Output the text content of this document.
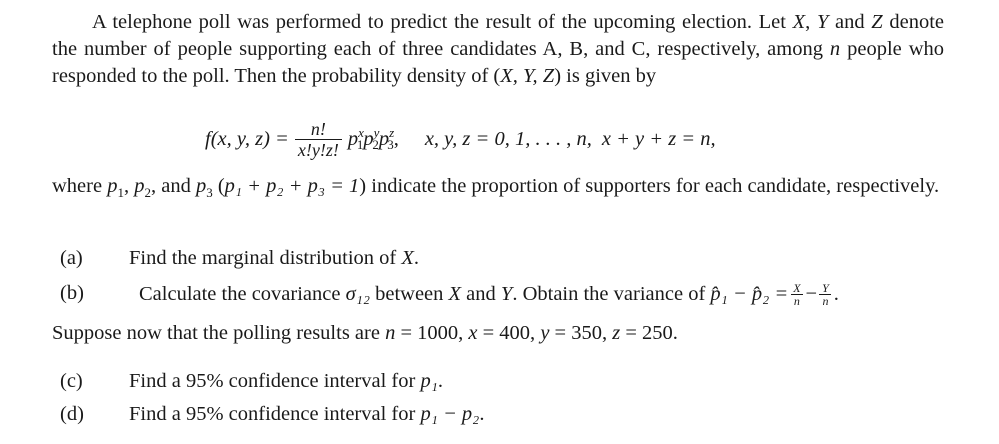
A telephone poll was performed to predict the result of the upcoming election. Let X, Y and Z denote the number of people supporting each of three candidates A, B, and C, respectively, among n people who responded to the poll. Then the probability density of (X, Y, Z) is given by

f(x, y, $z) = \frac{n!}{x!y!z!} p^x_1p^y_2p^z_3$, x, y, z = 0, 1, . . . , n, x + y + z = n,

where $p_1$, $p_2$, and $p_3$ (p₁ + p₂ + p₃ = 1) indicate the proportion of supporters for each candidate, respectively.

(a) Find the marginal distribution of X.
(b)	Calculate the covariance σ₁₂ between X and Y . Obtain the variance of p̂₁ − p̂₂ = $\frac{X}{n} - \frac{Y}{n}$ .
Suppose now that the polling results are n = 1000, x = 400, y = 350, z = 250.
(c) Find a 95% confidence interval for p₁.
(d) Find a 95% confidence interval for p₁ − p₂.
